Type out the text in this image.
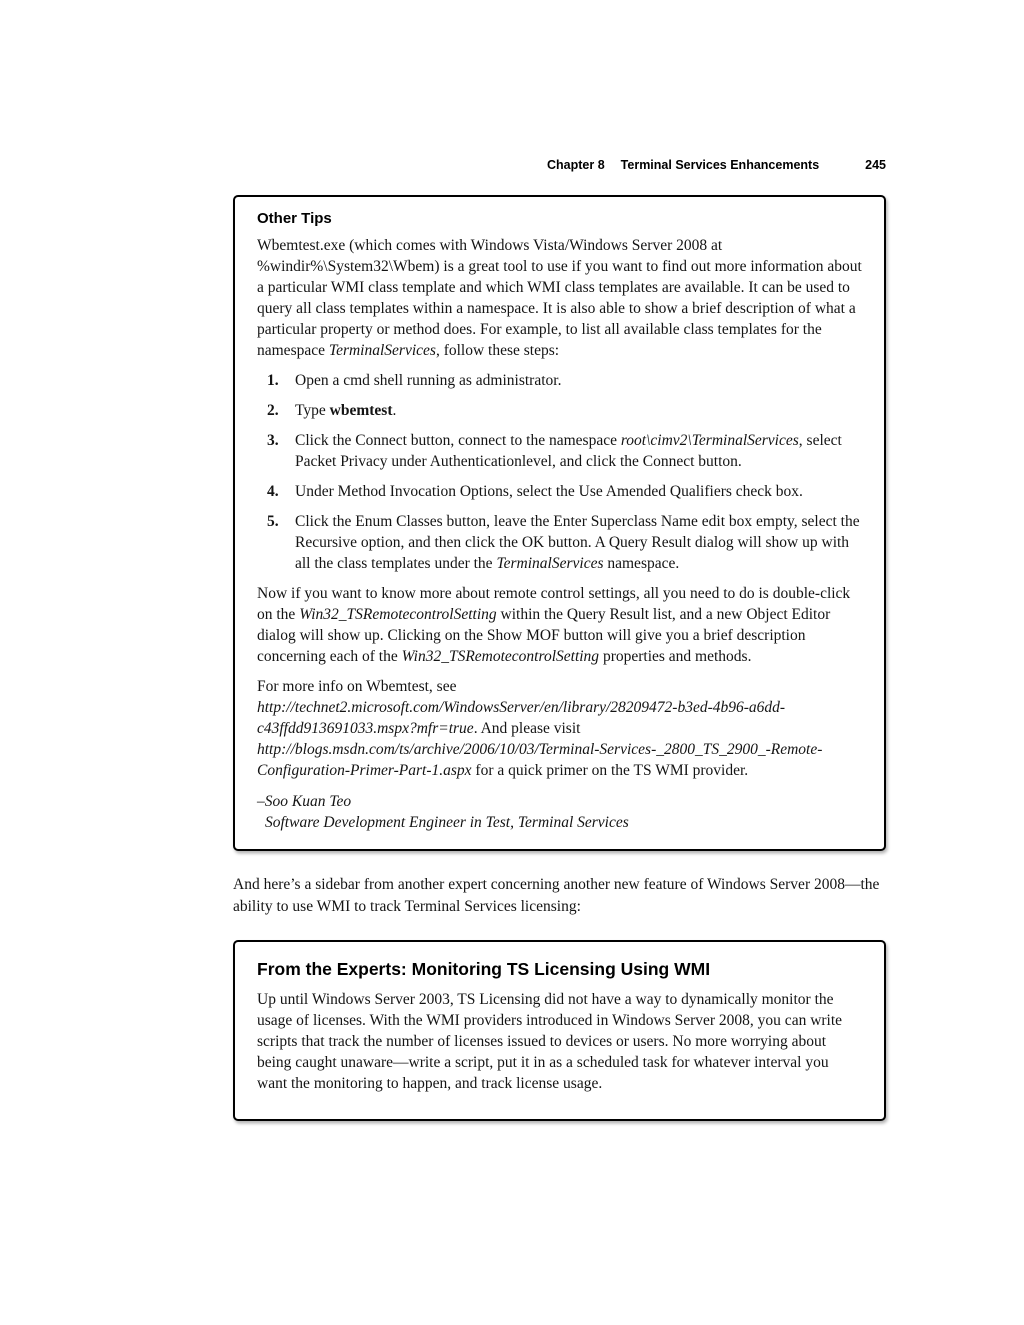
Chapter 8 Terminal Services Enhancements	245
Other Tips

Wbemtest.exe (which comes with Windows Vista/Windows Server 2008 at %windir%\System32\Wbem) is a great tool to use if you want to find out more information about a particular WMI class template and which WMI class templates are available. It can be used to query all class templates within a namespace. It is also able to show a brief description of what a particular property or method does. For example, to list all available class templates for the namespace TerminalServices, follow these steps:

1.	Open a cmd shell running as administrator.
2.	Type wbemtest.
3.	Click the Connect button, connect to the namespace root\cimv2\TerminalServices, select Packet Privacy under Authenticationlevel, and click the Connect button.
4.	Under Method Invocation Options, select the Use Amended Qualifiers check box.
5.	Click the Enum Classes button, leave the Enter Superclass Name edit box empty, select the Recursive option, and then click the OK button. A Query Result dialog will show up with all the class templates under the TerminalServices namespace.

Now if you want to know more about remote control settings, all you need to do is double-click on the Win32_TSRemotecontrolSetting within the Query Result list, and a new Object Editor dialog will show up. Clicking on the Show MOF button will give you a brief description concerning each of the Win32_TSRemotecontrolSetting properties and methods.

For more info on Wbemtest, see http://technet2.microsoft.com/WindowsServer/en/library/28209472-b3ed-4b96-a6dd-c43ffdd913691033.mspx?mfr=true. And please visit http://blogs.msdn.com/ts/archive/2006/10/03/Terminal-Services-_2800_TS_2900_-Remote-Configuration-Primer-Part-1.aspx for a quick primer on the TS WMI provider.

–Soo Kuan Teo
Software Development Engineer in Test, Terminal Services

And here’s a sidebar from another expert concerning another new feature of Windows Server 2008—the ability to use WMI to track Terminal Services licensing:

From the Experts: Monitoring TS Licensing Using WMI

Up until Windows Server 2003, TS Licensing did not have a way to dynamically monitor the usage of licenses. With the WMI providers introduced in Windows Server 2008, you can write scripts that track the number of licenses issued to devices or users. No more worrying about being caught unaware—write a script, put it in as a scheduled task for whatever interval you want the monitoring to happen, and track license usage.
